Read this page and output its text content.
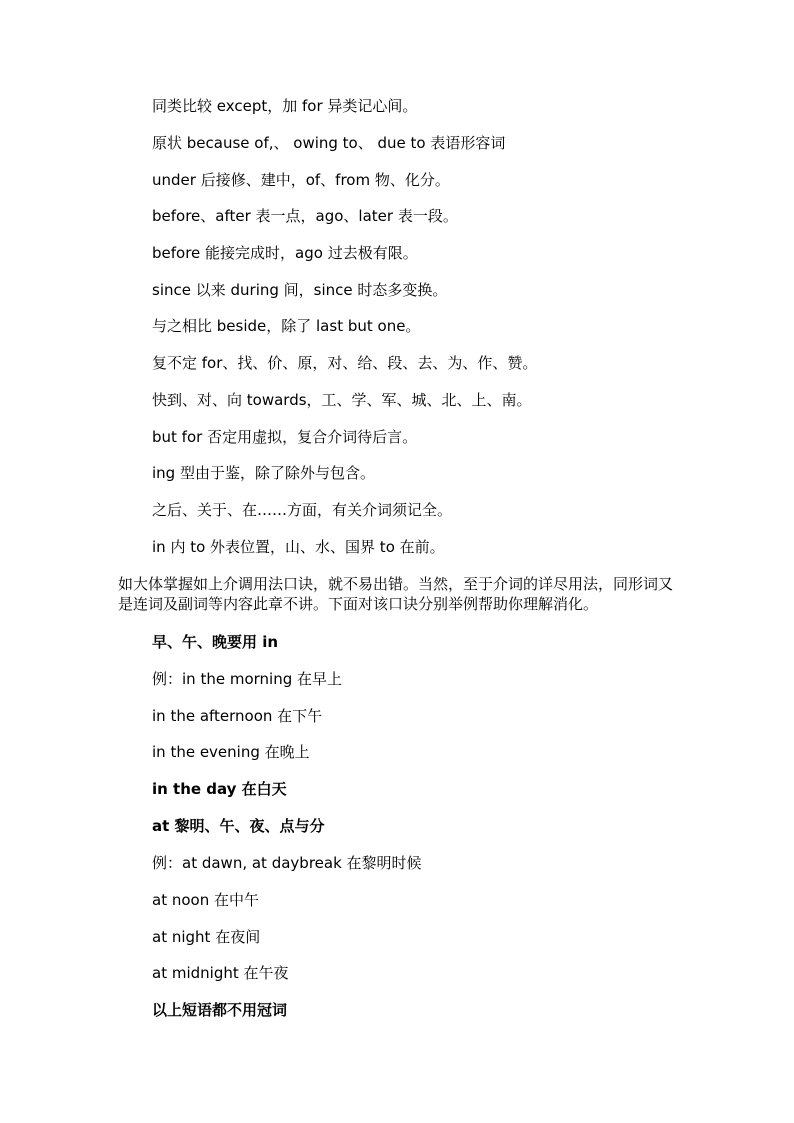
同类比较 except，加 for 异类记心间。
原状 because of,、 owing to、 due to 表语形容词
under 后接修、建中，of、from 物、化分。
before、after 表一点，ago、later 表一段。
before 能接完成时，ago 过去极有限。
since 以来 during 间，since 时态多变换。
与之相比 beside，除了 last but one。
复不定 for、找、价、原，对、给、段、去、为、作、赞。
快到、对、向 towards，工、学、军、城、北、上、南。
but for 否定用虚拟，复合介词待后言。
ing 型由于鉴，除了除外与包含。
之后、关于、在……方面，有关介词须记全。
in 内 to 外表位置，山、水、国界 to 在前。
如大体掌握如上介调用法口诀，就不易出错。当然，至于介词的详尽用法，同形词又是连词及副词等内容此章不讲。下面对该口诀分别举例帮助你理解消化。
早、午、晚要用 in
例：in the morning 在早上
in the afternoon 在下午
in the evening 在晚上
in the day 在白天
at 黎明、午、夜、点与分
例：at dawn, at daybreak 在黎明时候
at noon 在中午
at night 在夜间
at midnight 在午夜
以上短语都不用冠词
